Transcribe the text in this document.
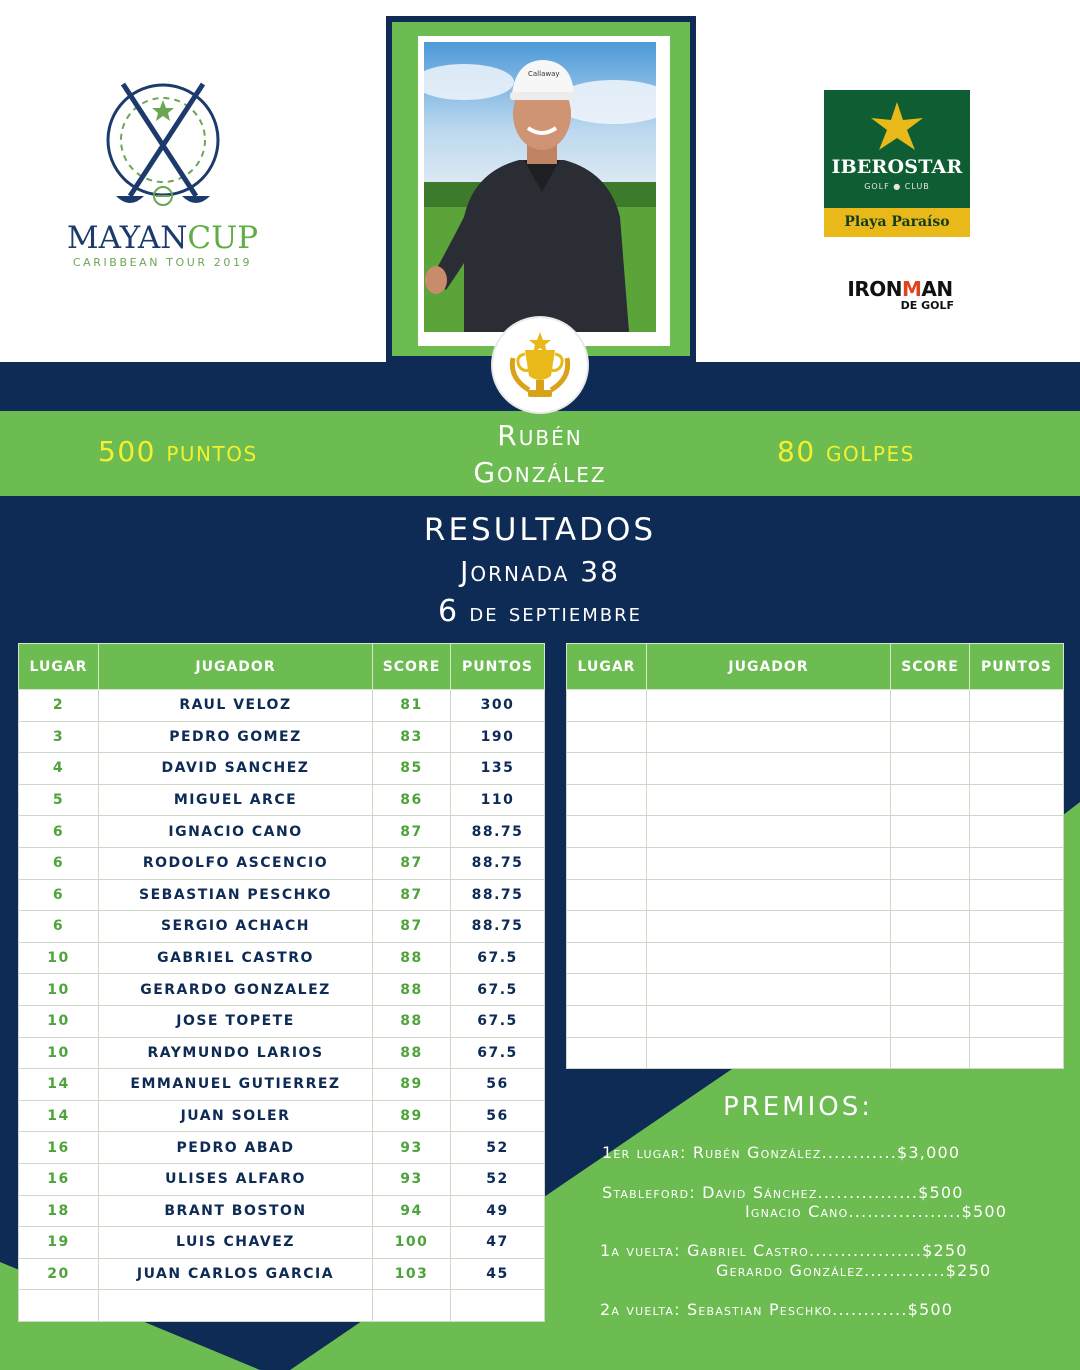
MAYANCUP
CARIBBEAN TOUR 2019
Callaway
IBEROSTAR
GOLF ● CLUB
Playa Paraíso
IRONMAN
DE GOLF
500 puntos	Rubén
González
80 golpes
RESULTADOS
Jornada 38
6 de septiembre
LUGAR	JUGADOR	SCORE	PUNTOS
2	RAUL VELOZ	81	300
3	PEDRO GOMEZ	83	190
4	DAVID SANCHEZ	85	135
5	MIGUEL ARCE	86	110
6	IGNACIO CANO	87	88.75
6	RODOLFO ASCENCIO	87	88.75
6	SEBASTIAN PESCHKO	87	88.75
6	SERGIO ACHACH	87	88.75
10	GABRIEL CASTRO	88	67.5
10	GERARDO GONZALEZ	88	67.5
10	JOSE TOPETE	88	67.5
10	RAYMUNDO LARIOS	88	67.5
14	EMMANUEL GUTIERREZ	89	56
14	JUAN SOLER	89	56
16	PEDRO ABAD	93	52
16	ULISES ALFARO	93	52
18	BRANT BOSTON	94	49
19	LUIS CHAVEZ	100	47
20	JUAN CARLOS GARCIA	103	45

LUGAR	JUGADOR	SCORE	PUNTOS

PREMIOS:
1er lugar: Rubén González............$3,000
Stableford: David Sánchez................$500
Ignacio Cano..................$500
1a vuelta: Gabriel Castro..................$250
Gerardo González.............$250
2a vuelta: Sebastian Peschko............$500
